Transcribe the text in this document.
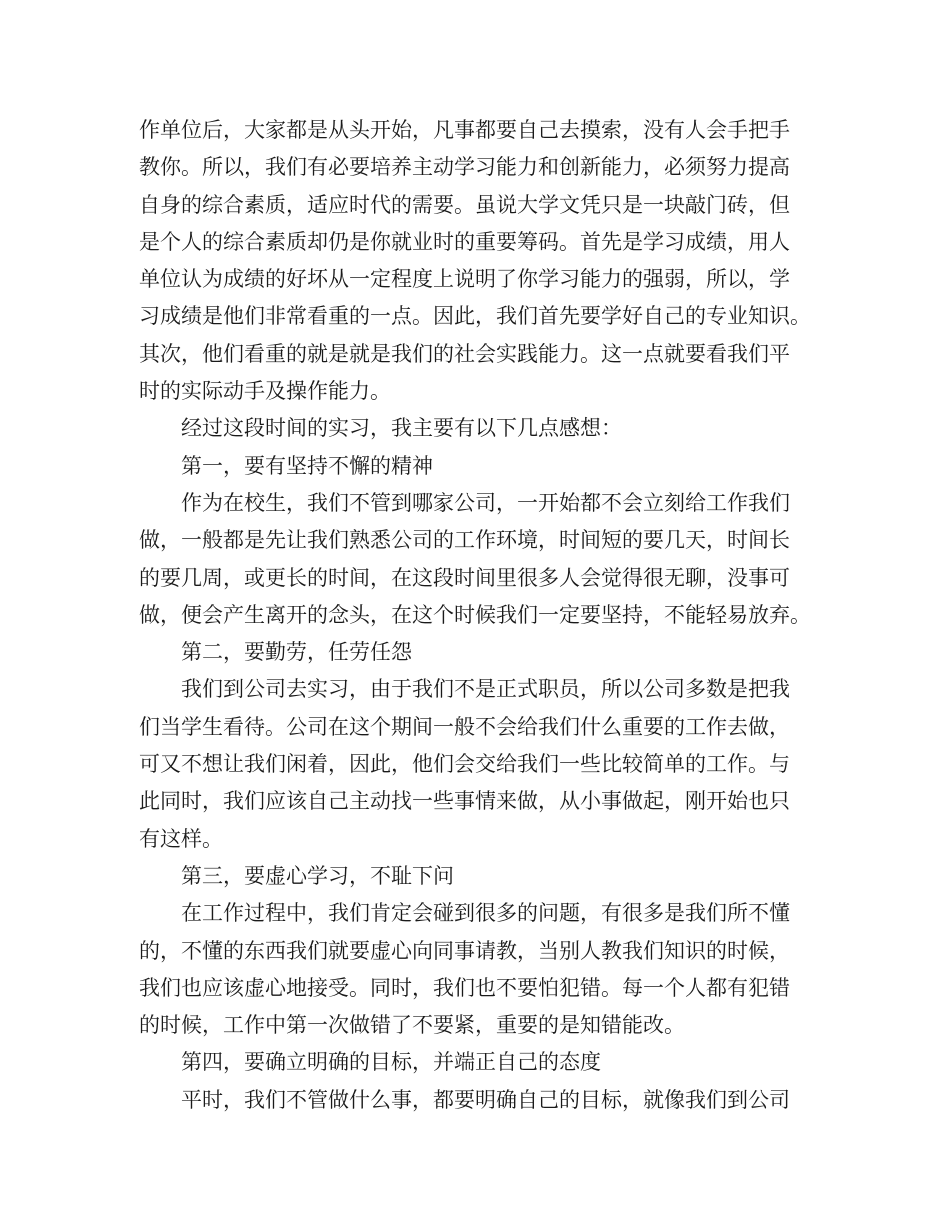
作单位后，大家都是从头开始，凡事都要自己去摸索，没有人会手把手
教你。所以，我们有必要培养主动学习能力和创新能力，必须努力提高
自身的综合素质，适应时代的需要。虽说大学文凭只是一块敲门砖，但
是个人的综合素质却仍是你就业时的重要筹码。首先是学习成绩，用人
单位认为成绩的好坏从一定程度上说明了你学习能力的强弱，所以，学
习成绩是他们非常看重的一点。因此，我们首先要学好自己的专业知识。
其次，他们看重的就是就是我们的社会实践能力。这一点就要看我们平
时的实际动手及操作能力。
经过这段时间的实习，我主要有以下几点感想：
第一，要有坚持不懈的精神
作为在校生，我们不管到哪家公司，一开始都不会立刻给工作我们
做，一般都是先让我们熟悉公司的工作环境，时间短的要几天，时间长
的要几周，或更长的时间，在这段时间里很多人会觉得很无聊，没事可
做，便会产生离开的念头，在这个时候我们一定要坚持，不能轻易放弃。
第二，要勤劳，任劳任怨
我们到公司去实习，由于我们不是正式职员，所以公司多数是把我
们当学生看待。公司在这个期间一般不会给我们什么重要的工作去做，
可又不想让我们闲着，因此，他们会交给我们一些比较简单的工作。与
此同时，我们应该自己主动找一些事情来做，从小事做起，刚开始也只
有这样。
第三，要虚心学习，不耻下问
在工作过程中，我们肯定会碰到很多的问题，有很多是我们所不懂
的，不懂的东西我们就要虚心向同事请教，当别人教我们知识的时候，
我们也应该虚心地接受。同时，我们也不要怕犯错。每一个人都有犯错
的时候，工作中第一次做错了不要紧，重要的是知错能改。
第四，要确立明确的目标，并端正自己的态度
平时，我们不管做什么事，都要明确自己的目标，就像我们到公司
